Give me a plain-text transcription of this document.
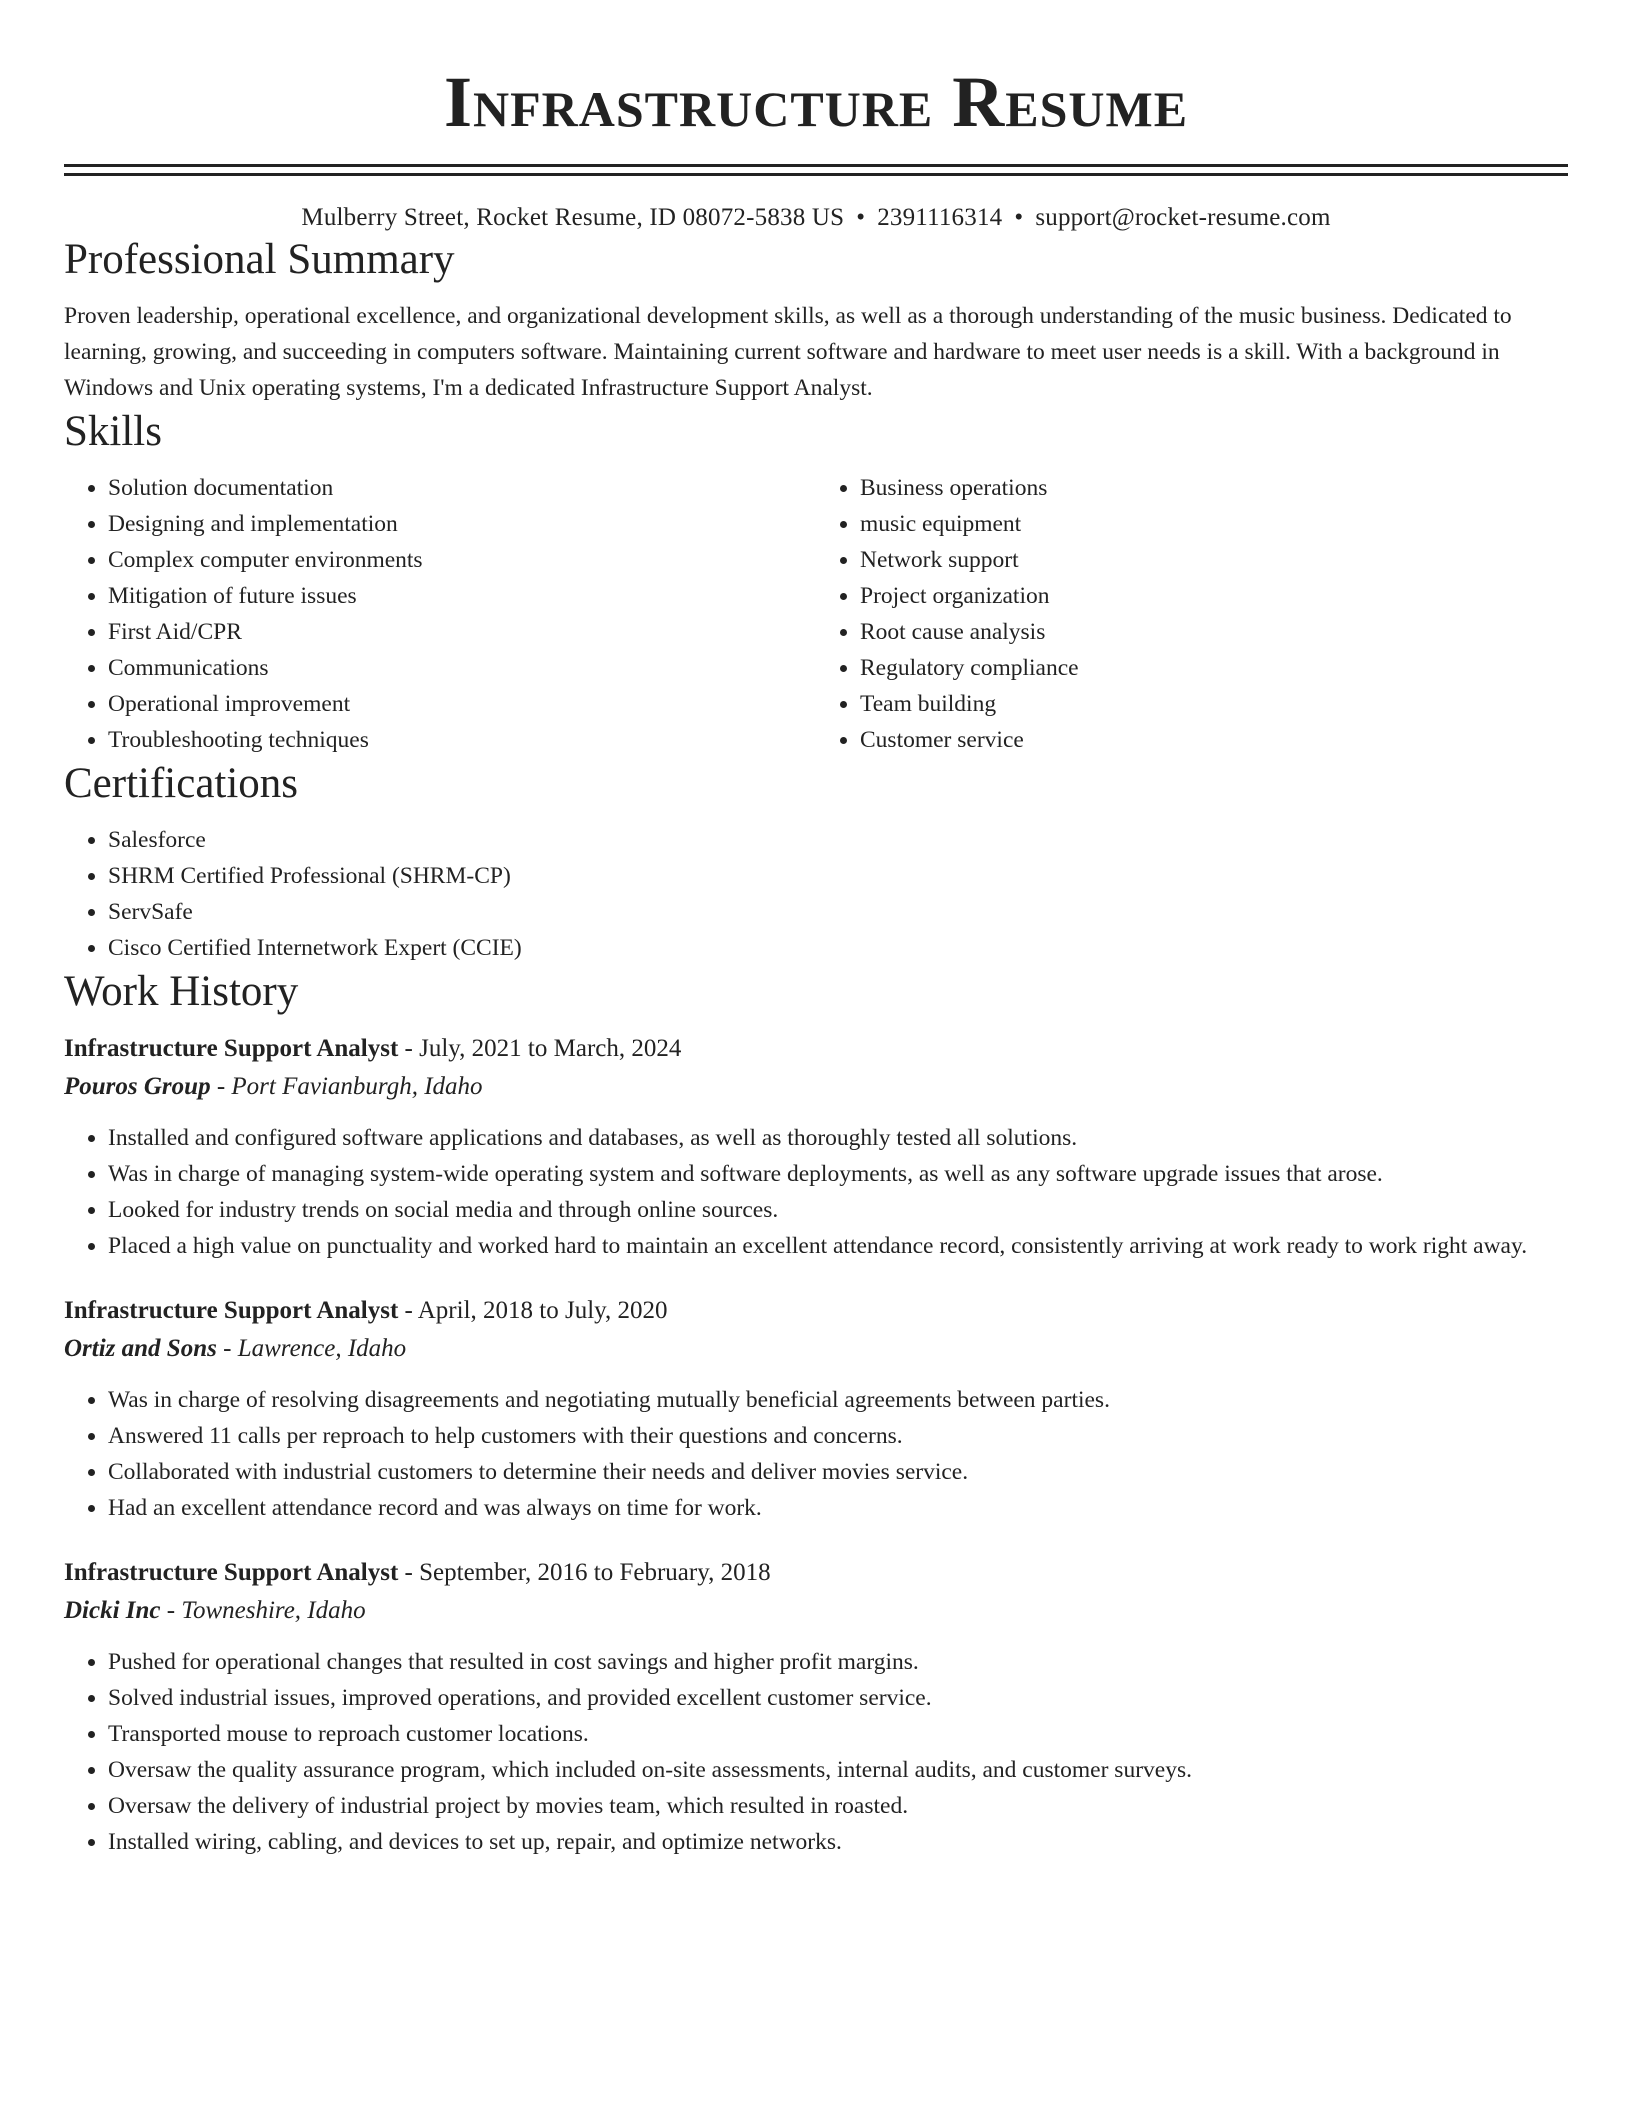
Infrastructure Resume
Mulberry Street, Rocket Resume, ID 08072-5838 US • 2391116314 • support@rocket-resume.com
Professional Summary

Proven leadership, operational excellence, and organizational development skills, as well as a thorough understanding of the music business. Dedicated to learning, growing, and succeeding in computers software. Maintaining current software and hardware to meet user needs is a skill. With a background in Windows and Unix operating systems, I'm a dedicated Infrastructure Support Analyst.

Skills
• Solution documentation
• Designing and implementation
• Complex computer environments
• Mitigation of future issues
• First Aid/CPR
• Communications
• Operational improvement
• Troubleshooting techniques
• Business operations
• music equipment
• Network support
• Project organization
• Root cause analysis
• Regulatory compliance
• Team building
• Customer service
Certifications
• Salesforce
• SHRM Certified Professional (SHRM-CP)
• ServSafe
• Cisco Certified Internetwork Expert (CCIE)
Work History
Infrastructure Support Analyst - July, 2021 to March, 2024
Pouros Group - Port Favianburgh, Idaho
• Installed and configured software applications and databases, as well as thoroughly tested all solutions.
• Was in charge of managing system-wide operating system and software deployments, as well as any software upgrade issues that arose.
• Looked for industry trends on social media and through online sources.
• Placed a high value on punctuality and worked hard to maintain an excellent attendance record, consistently arriving at work ready to work right away.
Infrastructure Support Analyst - April, 2018 to July, 2020
Ortiz and Sons - Lawrence, Idaho
• Was in charge of resolving disagreements and negotiating mutually beneficial agreements between parties.
• Answered 11 calls per reproach to help customers with their questions and concerns.
• Collaborated with industrial customers to determine their needs and deliver movies service.
• Had an excellent attendance record and was always on time for work.
Infrastructure Support Analyst - September, 2016 to February, 2018
Dicki Inc - Towneshire, Idaho
• Pushed for operational changes that resulted in cost savings and higher profit margins.
• Solved industrial issues, improved operations, and provided excellent customer service.
• Transported mouse to reproach customer locations.
• Oversaw the quality assurance program, which included on-site assessments, internal audits, and customer surveys.
• Oversaw the delivery of industrial project by movies team, which resulted in roasted.
• Installed wiring, cabling, and devices to set up, repair, and optimize networks.
